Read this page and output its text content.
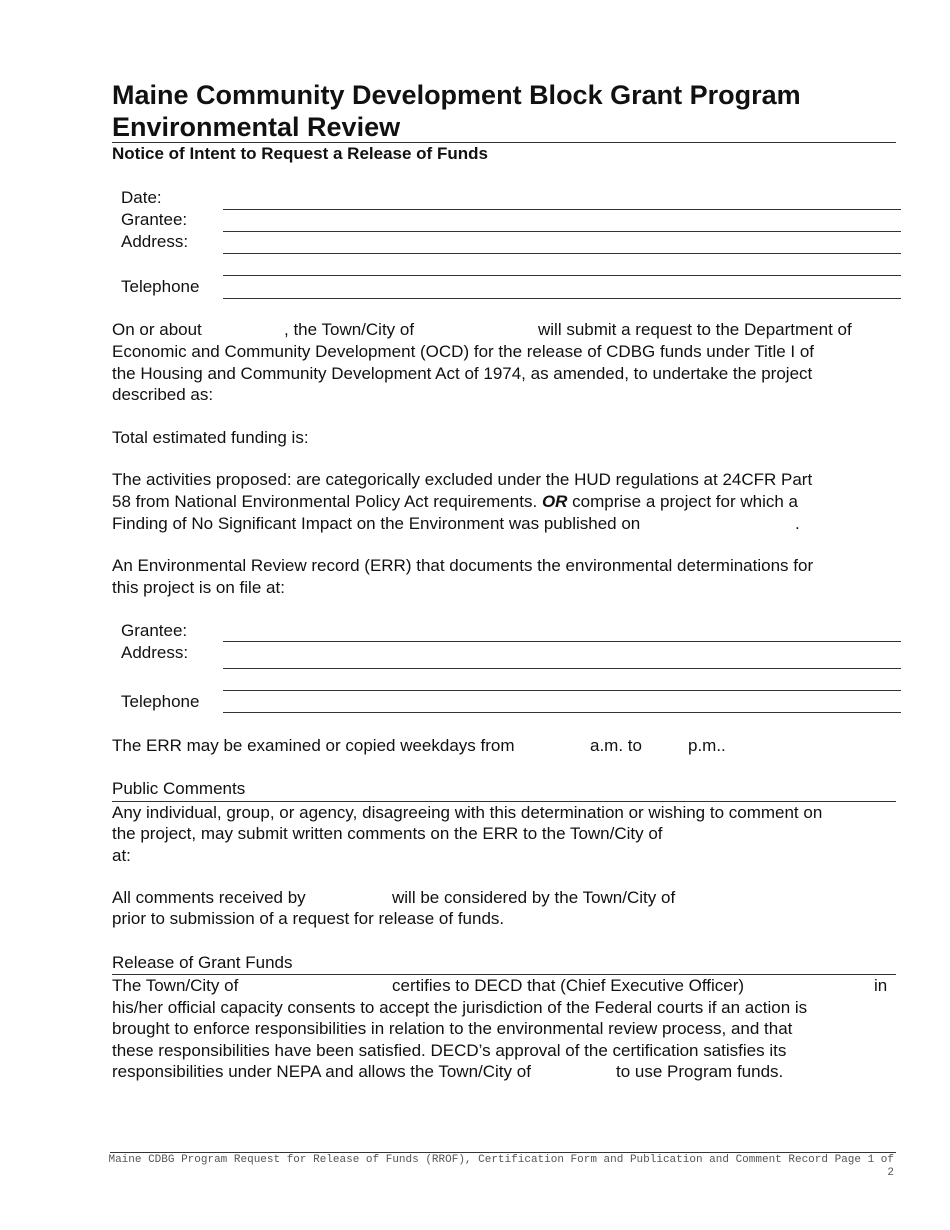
Maine Community Development Block Grant Program
Environmental Review
Notice of Intent to Request a Release of Funds
Date:
Grantee:
Address:
Telephone
On or about	, the Town/City of	will submit a request to the Department of
Economic and Community Development (OCD) for the release of CDBG funds under Title I of
the Housing and Community Development Act of 1974, as amended, to undertake the project
described as:
Total estimated funding is:
The activities proposed: are categorically excluded under the HUD regulations at 24CFR Part
58 from National Environmental Policy Act requirements. OR comprise a project for which a
Finding of No Significant Impact on the Environment was published on	.
An Environmental Review record (ERR) that documents the environmental determinations for
this project is on file at:
Grantee:
Address:
Telephone
The ERR may be examined or copied weekdays from	a.m. to	p.m..
Public Comments
Any individual, group, or agency, disagreeing with this determination or wishing to comment on
the project, may submit written comments on the ERR to the Town/City of
at:
All comments received by	will be considered by the Town/City of
prior to submission of a request for release of funds.
Release of Grant Funds
The Town/City of	certifies to DECD that (Chief Executive Officer)	in
his/her official capacity consents to accept the jurisdiction of the Federal courts if an action is
brought to enforce responsibilities in relation to the environmental review process, and that
these responsibilities have been satisfied. DECD’s approval of the certification satisfies its
responsibilities under NEPA and allows the Town/City of	to use Program funds.
Maine CDBG Program Request for Release of Funds (RROF), Certification Form and Publication and Comment Record Page 1 of 2
